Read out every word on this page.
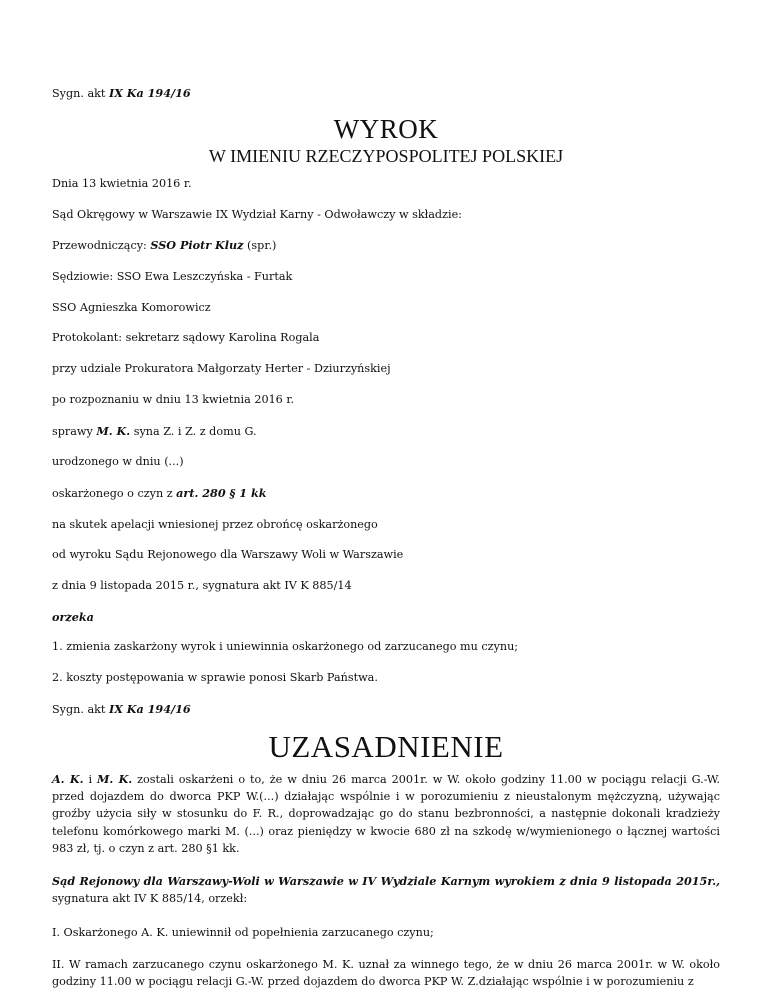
Sygn. akt IX Ka 194/16

WYROK
W IMIENIU RZECZYPOSPOLITEJ POLSKIEJ

Dnia 13 kwietnia 2016 r.

Sąd Okręgowy w Warszawie IX Wydział Karny - Odwoławczy w składzie:

Przewodniczący: SSO Piotr Kluz (spr.)

Sędziowie: SSO Ewa Leszczyńska - Furtak

SSO Agnieszka Komorowicz

Protokolant: sekretarz sądowy Karolina Rogala

przy udziale Prokuratora Małgorzaty Herter - Dziurzyńskiej

po rozpoznaniu w dniu 13 kwietnia 2016 r.

sprawy M. K. syna Z. i Z. z domu G.

urodzonego w dniu (...)

oskarżonego o czyn z art. 280 § 1 kk

na skutek apelacji wniesionej przez obrońcę oskarżonego

od wyroku Sądu Rejonowego dla Warszawy Woli w Warszawie

z dnia 9 listopada 2015 r., sygnatura akt IV K 885/14

orzeka

1. zmienia zaskarżony wyrok i uniewinnia oskarżonego od zarzucanego mu czynu;

2. koszty postępowania w sprawie ponosi Skarb Państwa.

Sygn. akt IX Ka 194/16

UZASADNIENIE

A. K. i M. K. zostali oskarżeni o to, że w dniu 26 marca 2001r. w W. około godziny 11.00 w pociągu relacji G.-W. przed dojazdem do dworca PKP W.(...) działając wspólnie i w porozumieniu z nieustalonym mężczyzną, używając groźby użycia siły w stosunku do F. R., doprowadzając go do stanu bezbronności, a następnie dokonali kradzieży telefonu komórkowego marki M. (...) oraz pieniędzy w kwocie 680 zł na szkodę w/wymienionego o łącznej wartości 983 zł, tj. o czyn z art. 280 §1 kk.

Sąd Rejonowy dla Warszawy-Woli w Warszawie w IV Wydziale Karnym wyrokiem z dnia 9 listopada 2015r., sygnatura akt IV K 885/14, orzekł:

I. Oskarżonego A. K. uniewinnił od popełnienia zarzucanego czynu;

II. W ramach zarzucanego czynu oskarżonego M. K. uznał za winnego tego, że w dniu 26 marca 2001r. w W. około godziny 11.00 w pociągu relacji G.-W. przed dojazdem do dworca PKP W. Z.działając wspólnie i w porozumieniu z
